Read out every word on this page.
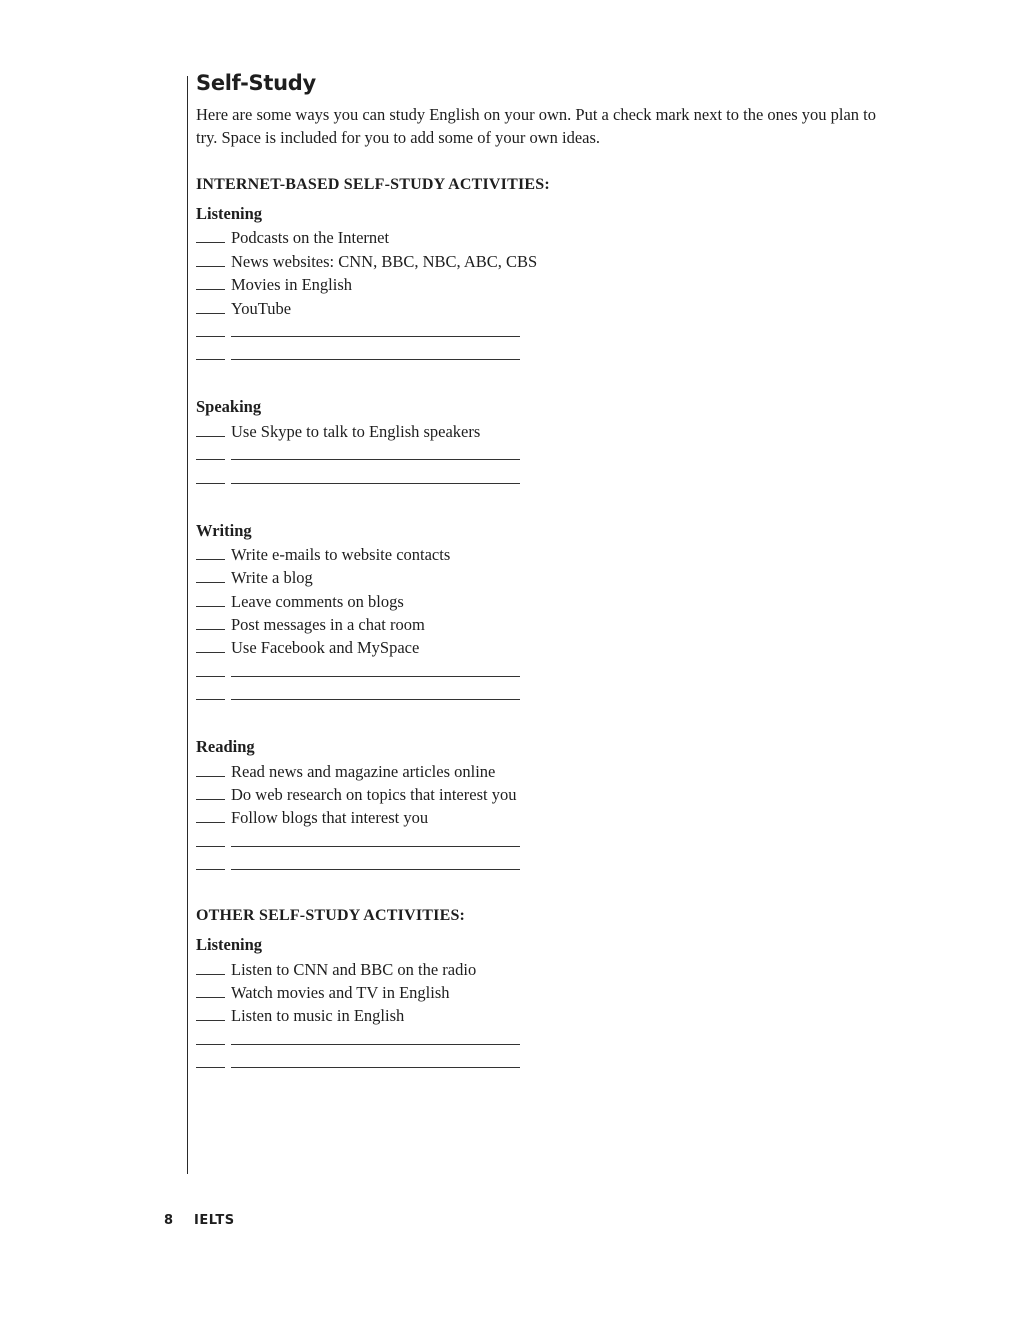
Self-Study

Here are some ways you can study English on your own. Put a check mark next to the ones you plan to try. Space is included for you to add some of your own ideas.

INTERNET-BASED SELF-STUDY ACTIVITIES:
Listening
Podcasts on the Internet
News websites: CNN, BBC, NBC, ABC, CBS
Movies in English
YouTube
Speaking
Use Skype to talk to English speakers
Writing
Write e-mails to website contacts
Write a blog
Leave comments on blogs
Post messages in a chat room
Use Facebook and MySpace
Reading
Read news and magazine articles online
Do web research on topics that interest you
Follow blogs that interest you
OTHER SELF-STUDY ACTIVITIES:
Listening
Listen to CNN and BBC on the radio
Watch movies and TV in English
Listen to music in English
8 IELTS
